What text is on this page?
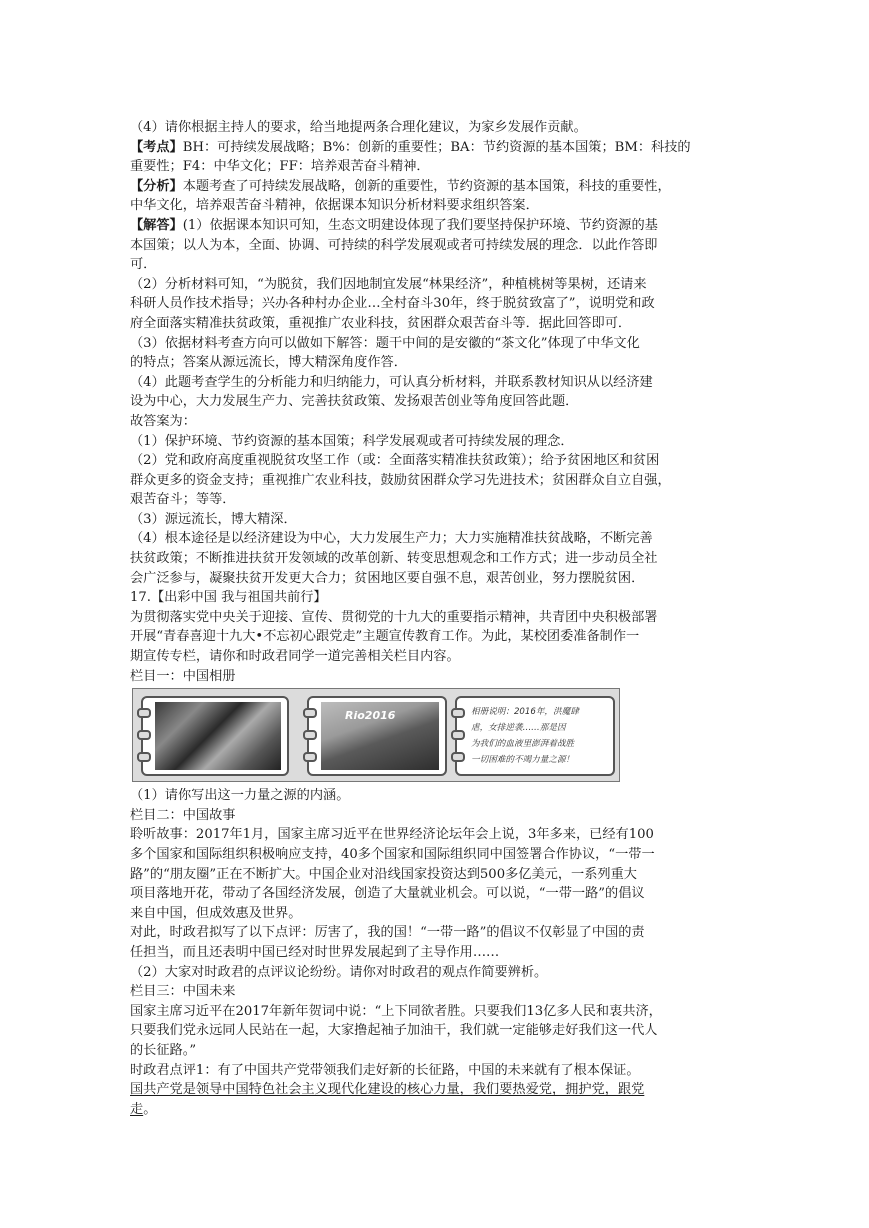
（4）请你根据主持人的要求，给当地提两条合理化建议，为家乡发展作贡献。
【考点】BH：可持续发展战略；B%：创新的重要性；BA：节约资源的基本国策；BM：科技的
重要性；F4：中华文化；FF：培养艰苦奋斗精神．
【分析】本题考查了可持续发展战略，创新的重要性，节约资源的基本国策，科技的重要性，
中华文化，培养艰苦奋斗精神，依据课本知识分析材料要求组织答案．
【解答】(1）依据课本知识可知，生态文明建设体现了我们要坚持保护环境、节约资源的基
本国策；以人为本，全面、协调、可持续的科学发展观或者可持续发展的理念．以此作答即
可．
（2）分析材料可知，“为脱贫，我们因地制宜发展“林果经济”，种植桃树等果树，还请来
科研人员作技术指导；兴办各种村办企业…全村奋斗30年，终于脱贫致富了”，说明党和政
府全面落实精准扶贫政策，重视推广农业科技，贫困群众艰苦奋斗等．据此回答即可．
（3）依据材料考查方向可以做如下解答：题干中间的是安徽的“茶文化”体现了中华文化
的特点；答案从源远流长，博大精深角度作答．
（4）此题考查学生的分析能力和归纳能力，可认真分析材料，并联系教材知识从以经济建
设为中心，大力发展生产力、完善扶贫政策、发扬艰苦创业等角度回答此题．
故答案为：
（1）保护环境、节约资源的基本国策；科学发展观或者可持续发展的理念．
（2）党和政府高度重视脱贫攻坚工作（或：全面落实精准扶贫政策）；给予贫困地区和贫困
群众更多的资金支持；重视推广农业科技，鼓励贫困群众学习先进技术；贫困群众自立自强，
艰苦奋斗；等等．
（3）源远流长，博大精深．
（4）根本途径是以经济建设为中心，大力发展生产力；大力实施精准扶贫战略，不断完善
扶贫政策；不断推进扶贫开发领域的改革创新、转变思想观念和工作方式；进一步动员全社
会广泛参与，凝聚扶贫开发更大合力；贫困地区要自强不息，艰苦创业，努力摆脱贫困．
17.【出彩中国 我与祖国共前行】
为贯彻落实党中央关于迎接、宣传、贯彻党的十九大的重要指示精神，共青团中央积极部署
开展“青春喜迎十九大•不忘初心跟党走”主题宣传教育工作。为此，某校团委准备制作一
期宣传专栏，请你和时政君同学一道完善相关栏目内容。
栏目一：中国相册
Rio2016	相册说明：2016年，洪魔肆
虐，女排逆袭……那是因
为我们的血液里澎湃着战胜
一切困难的不竭力量之源！
（1）请你写出这一力量之源的内涵。
栏目二：中国故事
聆听故事：2017年1月，国家主席习近平在世界经济论坛年会上说，3年多来，已经有100
多个国家和国际组织积极响应支持，40多个国家和国际组织同中国签署合作协议，“一带一
路”的“朋友圈”正在不断扩大。中国企业对沿线国家投资达到500多亿美元，一系列重大
项目落地开花，带动了各国经济发展，创造了大量就业机会。可以说，“一带一路”的倡议
来自中国，但成效惠及世界。
对此，时政君拟写了以下点评：厉害了，我的国！“一带一路”的倡议不仅彰显了中国的责
任担当，而且还表明中国已经对时世界发展起到了主导作用……
（2）大家对时政君的点评议论纷纷。请你对时政君的观点作简要辨析。
栏目三：中国未来
国家主席习近平在2017年新年贺词中说：“上下同欲者胜。只要我们13亿多人民和衷共济，
只要我们党永远同人民站在一起，大家撸起袖子加油干，我们就一定能够走好我们这一代人
的长征路。”
时政君点评1：有了中国共产党带领我们走好新的长征路，中国的未来就有了根本保证。
国共产党是领导中国特色社会主义现代化建设的核心力量，我们要热爱党，拥护党，跟党
走。
